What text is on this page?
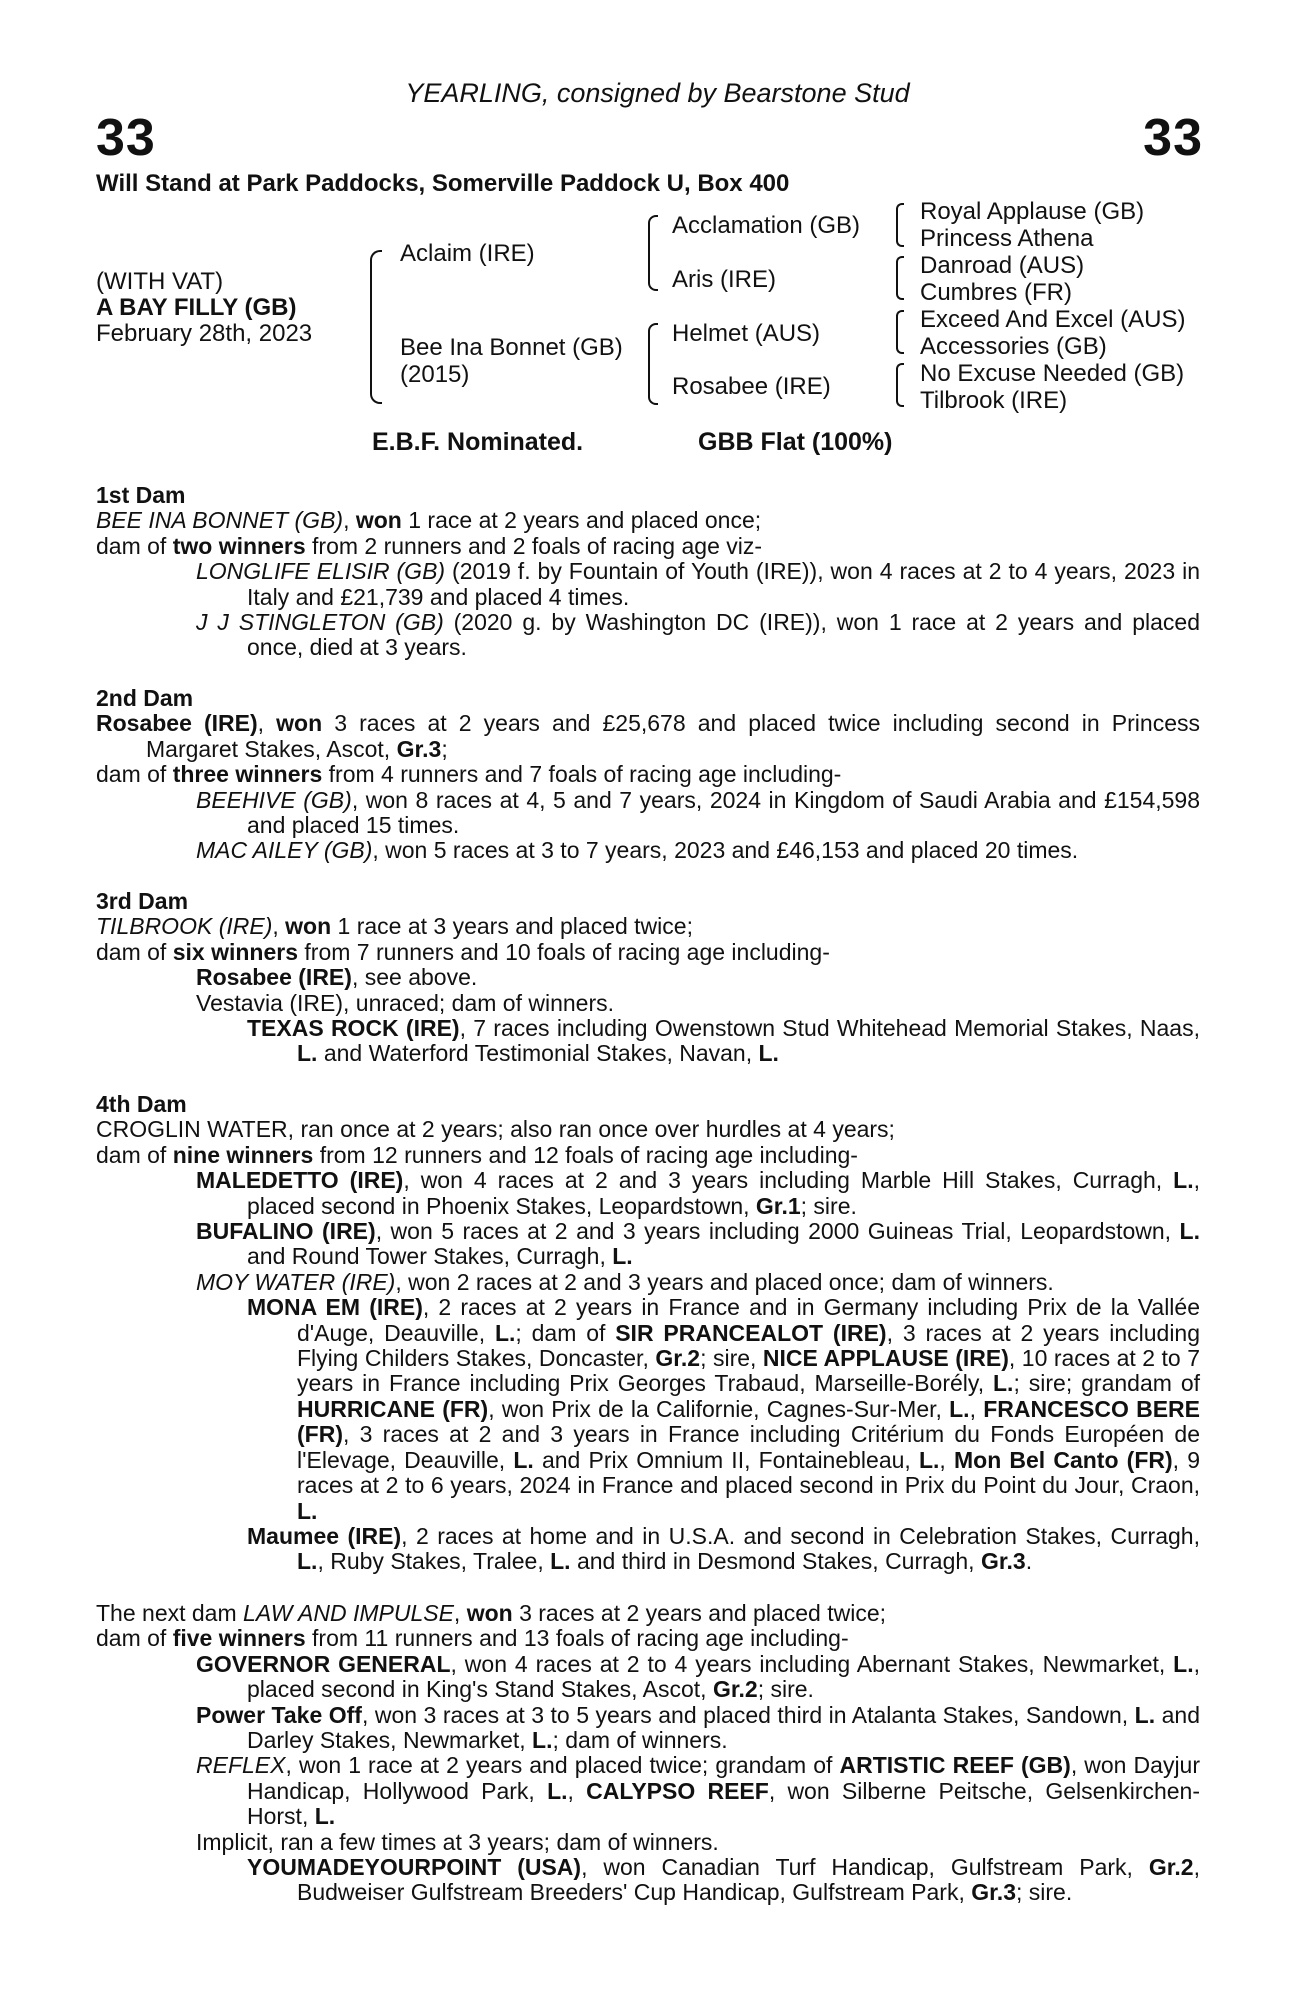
YEARLING, consigned by Bearstone Stud
33	33
Will Stand at Park Paddocks, Somerville Paddock U, Box 400
(WITH VAT)
A BAY FILLY (GB)
February 28th, 2023
Aclaim (IRE)
Bee Ina Bonnet (GB)
(2015)
Acclamation (GB)
Aris (IRE)
Helmet (AUS)
Rosabee (IRE)
Royal Applause (GB)
Princess Athena
Danroad (AUS)
Cumbres (FR)
Exceed And Excel (AUS)
Accessories (GB)
No Excuse Needed (GB)
Tilbrook (IRE)
E.B.F. Nominated.	GBB Flat (100%)

1st Dam

BEE INA BONNET (GB), won 1 race at 2 years and placed once;

dam of two winners from 2 runners and 2 foals of racing age viz-

LONGLIFE ELISIR (GB) (2019 f. by Fountain of Youth (IRE)), won 4 races at 2 to 4 years, 2023 in Italy and £21,739 and placed 4 times.

J J STINGLETON (GB) (2020 g. by Washington DC (IRE)), won 1 race at 2 years and placed once, died at 3 years.

2nd Dam

Rosabee (IRE), won 3 races at 2 years and £25,678 and placed twice including second in Princess Margaret Stakes, Ascot, Gr.3;

dam of three winners from 4 runners and 7 foals of racing age including-

BEEHIVE (GB), won 8 races at 4, 5 and 7 years, 2024 in Kingdom of Saudi Arabia and £154,598 and placed 15 times.

MAC AILEY (GB), won 5 races at 3 to 7 years, 2023 and £46,153 and placed 20 times.

3rd Dam

TILBROOK (IRE), won 1 race at 3 years and placed twice;

dam of six winners from 7 runners and 10 foals of racing age including-

Rosabee (IRE), see above.

Vestavia (IRE), unraced; dam of winners.

TEXAS ROCK (IRE), 7 races including Owenstown Stud Whitehead Memorial Stakes, Naas, L. and Waterford Testimonial Stakes, Navan, L.

4th Dam

CROGLIN WATER, ran once at 2 years; also ran once over hurdles at 4 years;

dam of nine winners from 12 runners and 12 foals of racing age including-

MALEDETTO (IRE), won 4 races at 2 and 3 years including Marble Hill Stakes, Curragh, L., placed second in Phoenix Stakes, Leopardstown, Gr.1; sire.

BUFALINO (IRE), won 5 races at 2 and 3 years including 2000 Guineas Trial, Leopardstown, L. and Round Tower Stakes, Curragh, L.

MOY WATER (IRE), won 2 races at 2 and 3 years and placed once; dam of winners.

MONA EM (IRE), 2 races at 2 years in France and in Germany including Prix de la Vallée d'Auge, Deauville, L.; dam of SIR PRANCEALOT (IRE), 3 races at 2 years including Flying Childers Stakes, Doncaster, Gr.2; sire, NICE APPLAUSE (IRE), 10 races at 2 to 7 years in France including Prix Georges Trabaud, Marseille-Borély, L.; sire; grandam of HURRICANE (FR), won Prix de la Californie, Cagnes-Sur-Mer, L., FRANCESCO BERE (FR), 3 races at 2 and 3 years in France including Critérium du Fonds Européen de l'Elevage, Deauville, L. and Prix Omnium II, Fontainebleau, L., Mon Bel Canto (FR), 9 races at 2 to 6 years, 2024 in France and placed second in Prix du Point du Jour, Craon, L.

Maumee (IRE), 2 races at home and in U.S.A. and second in Celebration Stakes, Curragh, L., Ruby Stakes, Tralee, L. and third in Desmond Stakes, Curragh, Gr.3.

The next dam LAW AND IMPULSE, won 3 races at 2 years and placed twice;

dam of five winners from 11 runners and 13 foals of racing age including-

GOVERNOR GENERAL, won 4 races at 2 to 4 years including Abernant Stakes, Newmarket, L., placed second in King's Stand Stakes, Ascot, Gr.2; sire.

Power Take Off, won 3 races at 3 to 5 years and placed third in Atalanta Stakes, Sandown, L. and Darley Stakes, Newmarket, L.; dam of winners.

REFLEX, won 1 race at 2 years and placed twice; grandam of ARTISTIC REEF (GB), won Dayjur Handicap, Hollywood Park, L., CALYPSO REEF, won Silberne Peitsche, Gelsenkirchen-Horst, L.

Implicit, ran a few times at 3 years; dam of winners.

YOUMADEYOURPOINT (USA), won Canadian Turf Handicap, Gulfstream Park, Gr.2, Budweiser Gulfstream Breeders' Cup Handicap, Gulfstream Park, Gr.3; sire.
